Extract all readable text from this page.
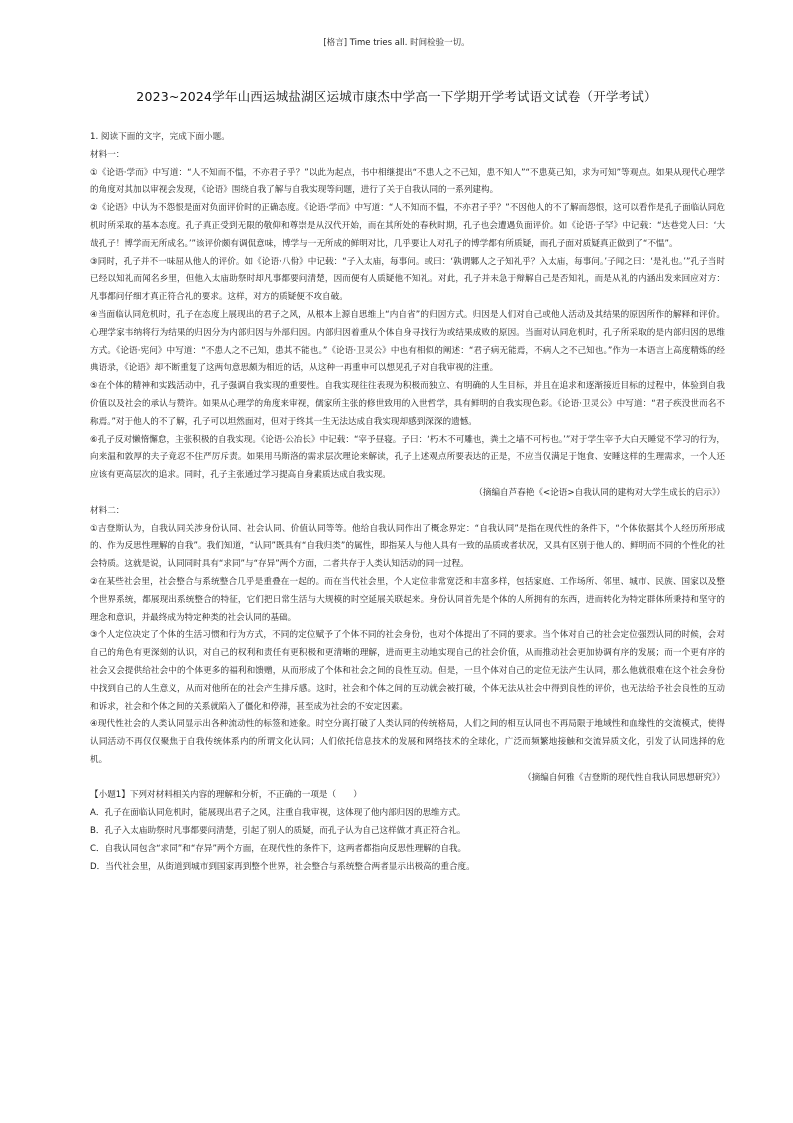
[格言] Time tries all. 时间检验一切。
2023~2024学年山西运城盐湖区运城市康杰中学高一下学期开学考试语文试卷（开学考试）

1. 阅读下面的文字，完成下面小题。

材料一：

①《论语·学而》中写道：“人不知而不愠，不亦君子乎？”以此为起点，书中相继提出“不患人之不己知，患不知人”“不患莫己知，求为可知”等观点。如果从现代心理学的角度对其加以审视会发现，《论语》围绕自我了解与自我实现等问题，进行了关于自我认同的一系列建构。

②《论语》中认为不怨恨是面对负面评价时的正确态度。《论语·学而》中写道：“人不知而不愠，不亦君子乎？”不因他人的不了解而怨恨，这可以看作是孔子面临认同危机时所采取的基本态度。孔子真正受到无限的敬仰和尊崇是从汉代开始，而在其所处的春秋时期，孔子也会遭遇负面评价。如《论语·子罕》中记载：“达巷党人曰：‘大哉孔子！博学而无所成名。’”该评价颇有调侃意味，博学与一无所成的鲜明对比，几乎要让人对孔子的博学都有所质疑，而孔子面对质疑真正做到了“不愠”。

③同时，孔子并不一味屈从他人的评价。如《论语·八佾》中记载：“子入太庙，每事问。或曰：‘孰谓鄹人之子知礼乎？入太庙，每事问。’子闻之曰：‘是礼也。’”孔子当时已经以知礼而闻名乡里，但他入太庙助祭时却凡事都要问清楚，因而便有人质疑他不知礼。对此，孔子并未急于辩解自己是否知礼，而是从礼的内涵出发来回应对方：凡事都问仔细才真正符合礼的要求。这样，对方的质疑便不攻自破。

④当面临认同危机时，孔子在态度上展现出的君子之风，从根本上源自思维上“内自省”的归因方式。归因是人们对自己或他人活动及其结果的原因所作的解释和评价。心理学家韦纳将行为结果的归因分为内部归因与外部归因。内部归因着重从个体自身寻找行为或结果成败的原因。当面对认同危机时，孔子所采取的是内部归因的思维方式。《论语·宪问》中写道：“不患人之不己知，患其不能也。”《论语·卫灵公》中也有相似的阐述：“君子病无能焉，不病人之不己知也。”作为一本语言上高度精炼的经典语录，《论语》却不断重复了这两句意思颇为相近的话，从这种一再重申可以想见孔子对自我审视的注重。

⑤在个体的精神和实践活动中，孔子强调自我实现的重要性。自我实现往往表现为积极而独立、有明确的人生目标，并且在追求和逐渐接近目标的过程中，体验到自我价值以及社会的承认与赞许。如果从心理学的角度来审视，儒家所主张的修世致用的入世哲学，具有鲜明的自我实现色彩。《论语·卫灵公》中写道：“君子疾没世而名不称焉。”对于他人的不了解，孔子可以坦然面对，但对于终其一生无法达成自我实现却感到深深的遗憾。

⑥孔子反对懒惰懈怠，主张积极的自我实现。《论语·公冶长》中记载：“宰予昼寝。子曰：‘朽木不可雕也，粪土之墙不可杇也。’”对于学生宰予大白天睡觉不学习的行为，向来温和敦厚的夫子竟忍不住严厉斥责。如果用马斯洛的需求层次理论来解读，孔子上述观点所要表达的正是，不应当仅满足于饱食、安睡这样的生理需求，一个人还应该有更高层次的追求。同时，孔子主张通过学习提高自身素质达成自我实现。

（摘编自芦春艳《<论语>自我认同的建构对大学生成长的启示》）

材料二：

①吉登斯认为，自我认同关涉身份认同、社会认同、价值认同等等。他给自我认同作出了概念界定：“自我认同”是指在现代性的条件下，“个体依据其个人经历所形成的、作为反思性理解的自我”。我们知道，“认同”既具有“自我归类”的属性，即指某人与他人具有一致的品质或者状况，又具有区别于他人的、鲜明而不同的个性化的社会特质。这就是说，认同同时具有“求同”与“存异”两个方面，二者共存于人类认知活动的同一过程。

②在某些社会里，社会整合与系统整合几乎是重叠在一起的。而在当代社会里，个人定位非常宽泛和丰富多样，包括家庭、工作场所、邻里、城市、民族、国家以及整个世界系统，都展现出系统整合的特征，它们把日常生活与大规模的时空延展关联起来。身份认同首先是个体的人所拥有的东西，进而转化为特定群体所秉持和坚守的理念和意识，并最终成为特定种类的社会认同的基础。

③个人定位决定了个体的生活习惯和行为方式，不同的定位赋予了个体不同的社会身份，也对个体提出了不同的要求。当个体对自己的社会定位强烈认同的时候，会对自己的角色有更深刻的认识，对自己的权利和责任有更积极和更清晰的理解，进而更主动地实现自己的社会价值，从而推动社会更加协调有序的发展；而一个更有序的社会又会提供给社会中的个体更多的福利和馈赠，从而形成了个体和社会之间的良性互动。但是，一旦个体对自己的定位无法产生认同，那么他就很难在这个社会身份中找到自己的人生意义，从而对他所在的社会产生排斥感。这时，社会和个体之间的互动就会被打破，个体无法从社会中得到良性的评价，也无法给予社会良性的互动和诉求，社会和个体之间的关系就陷入了僵化和停滞，甚至成为社会的不安定因素。

④现代性社会的人类认同显示出各种流动性的标签和迹象。时空分离打破了人类认同的传统格局，人们之间的相互认同也不再局限于地域性和血缘性的交流模式，使得认同活动不再仅仅聚焦于自我传统体系内的所谓文化认同；人们依托信息技术的发展和网络技术的全球化，广泛而频繁地接触和交流异质文化，引发了认同选择的危机。

（摘编自何雅《吉登斯的现代性自我认同思想研究》）

【小题1】下列对材料相关内容的理解和分析，不正确的一项是（　　）

A．孔子在面临认同危机时，能展现出君子之风，注重自我审视，这体现了他内部归因的思维方式。

B．孔子入太庙助祭时凡事都要问清楚，引起了别人的质疑，而孔子认为自己这样做才真正符合礼。

C．自我认同包含“求同”和“存异”两个方面，在现代性的条件下，这两者都指向反思性理解的自我。

D．当代社会里，从街道到城市到国家再到整个世界，社会整合与系统整合两者显示出极高的重合度。
